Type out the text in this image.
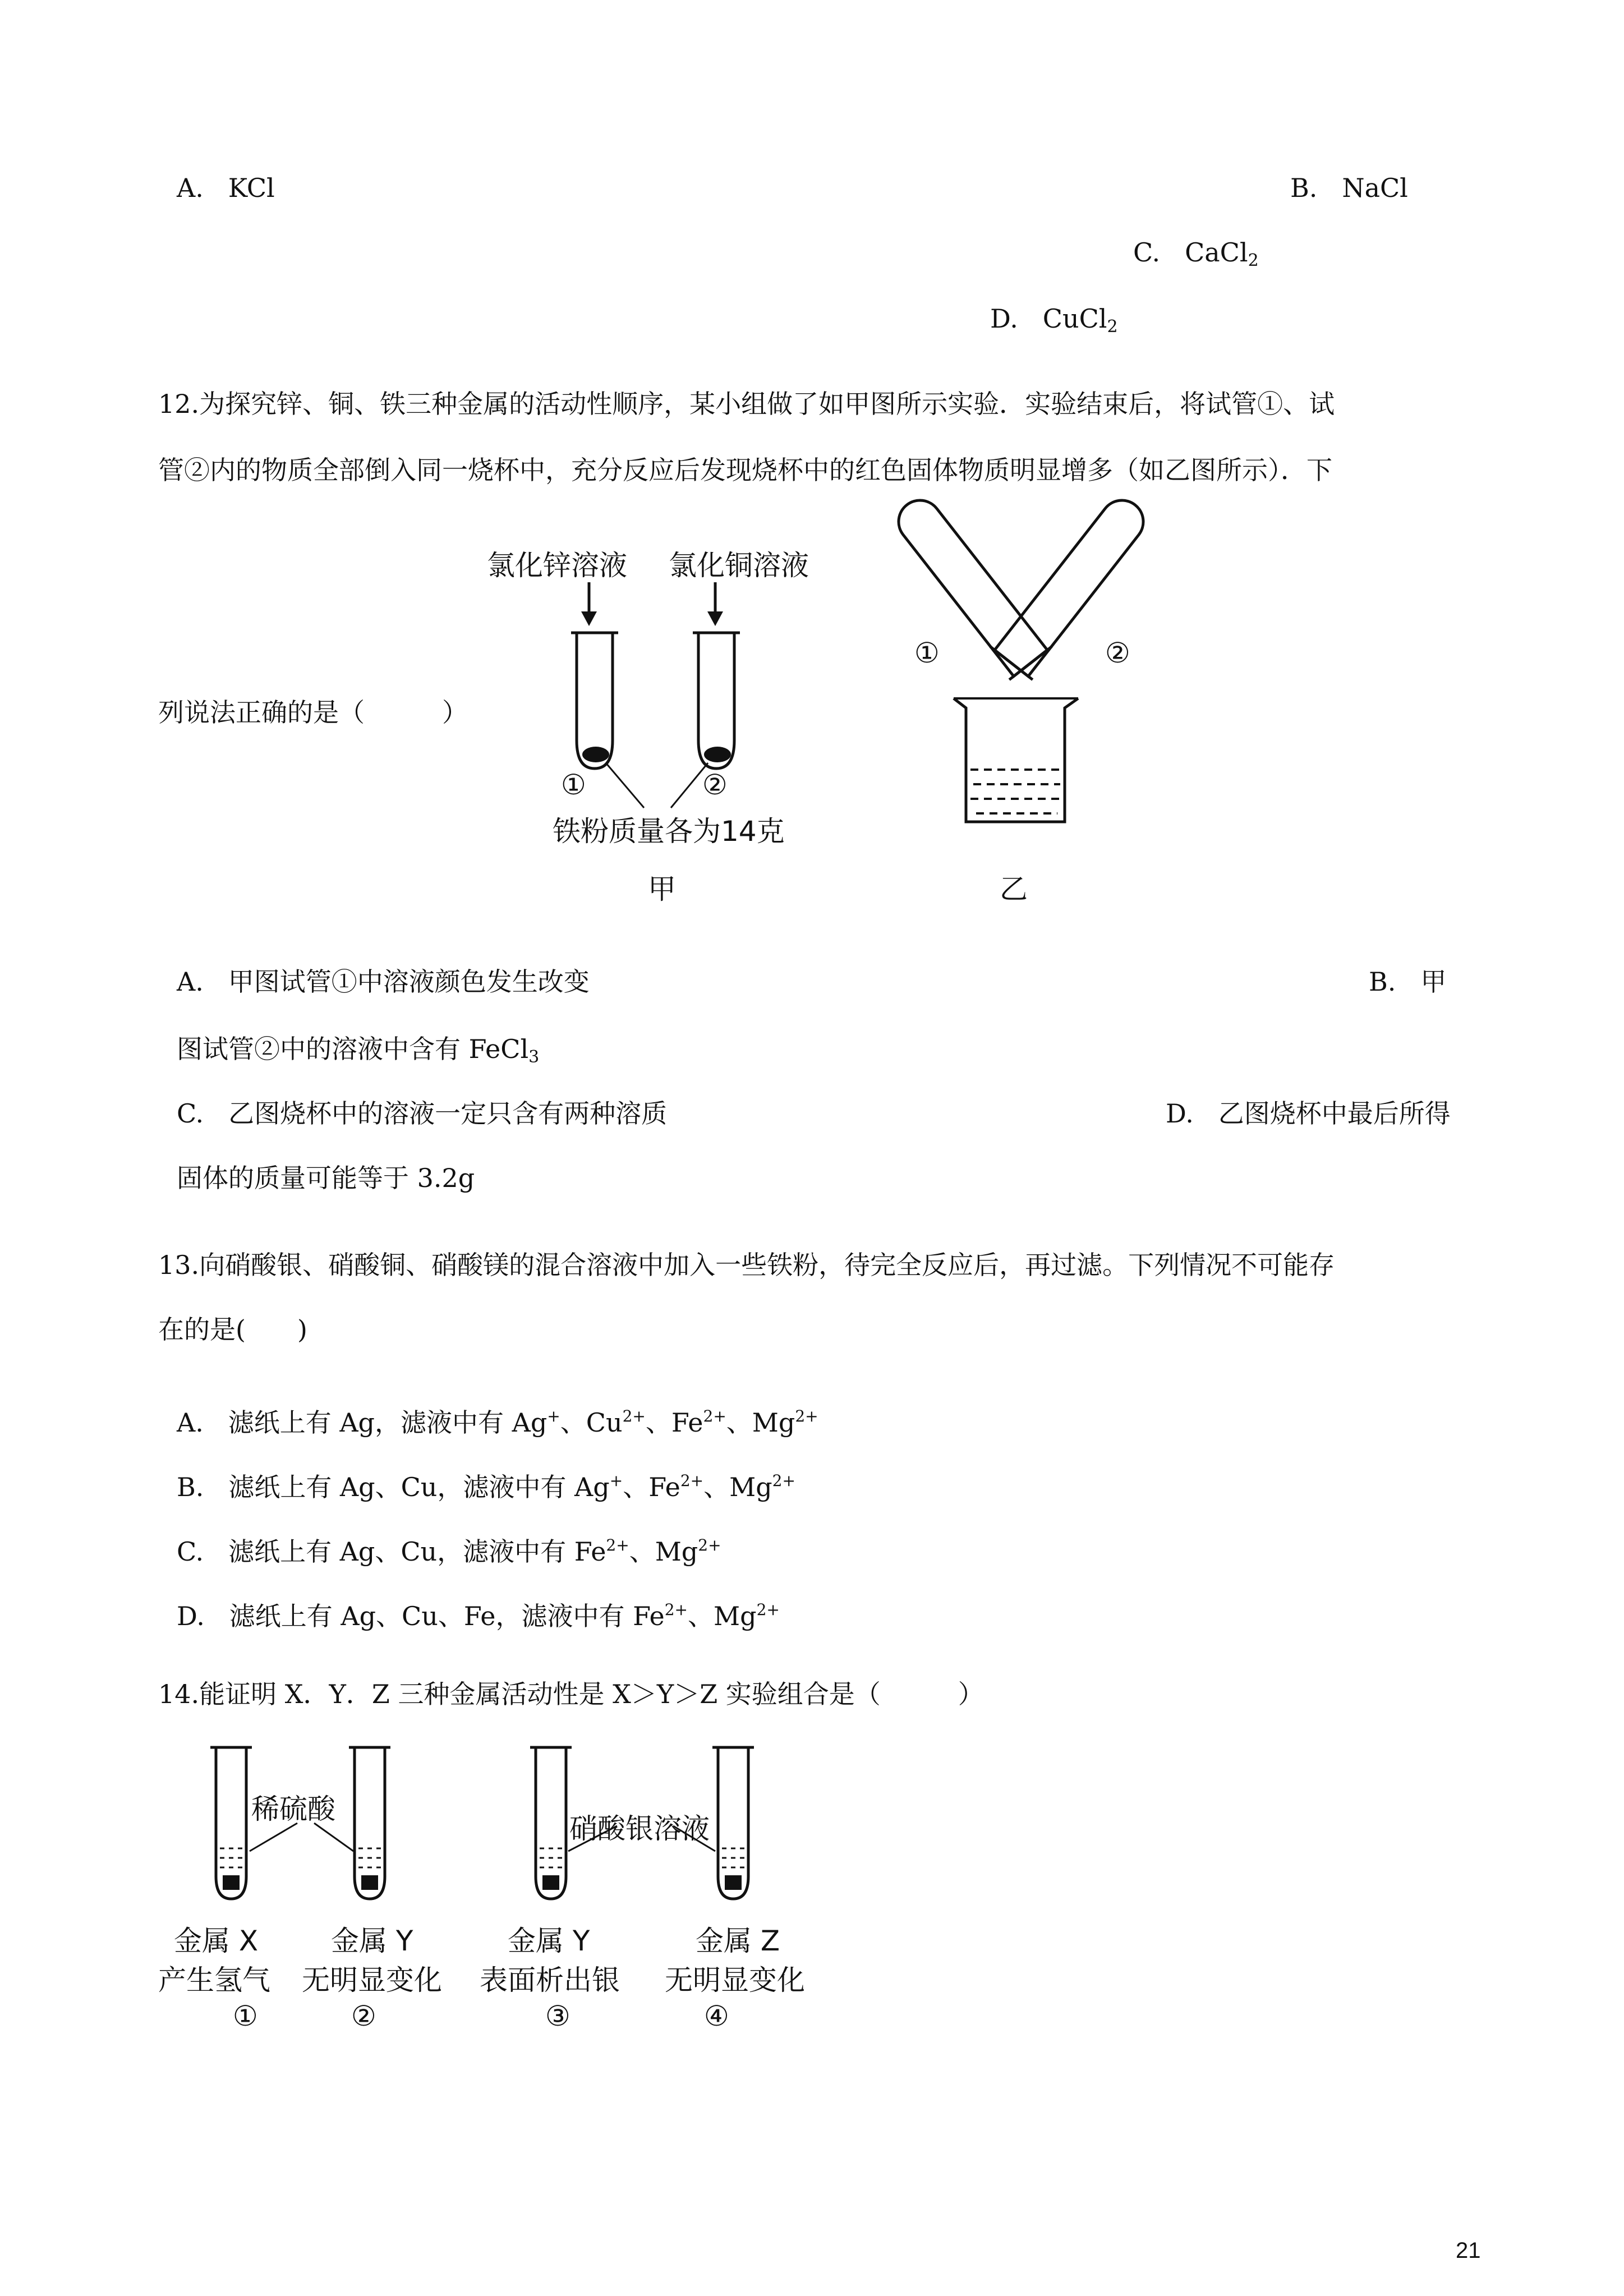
A. KCl	B. NaCl
C. CaCl$_2$
D. CuCl$_2$
12.为探究锌、铜、铁三种金属的活动性顺序，某小组做了如甲图所示实验．实验结束后，将试管①、试
管②内的物质全部倒入同一烧杯中，充分反应后发现烧杯中的红色固体物质明显增多（如乙图所示）．下
列说法正确的是（　　　）
氯化锌溶液 氯化铜溶液
①	②
铁粉质量各为14克
甲
①	②
乙
A. 甲图试管①中溶液颜色发生改变	B. 甲
图试管②中的溶液中含有 FeCl$_3$
C. 乙图烧杯中的溶液一定只含有两种溶质	D. 乙图烧杯中最后所得
固体的质量可能等于 3.2g
13.向硝酸银、硝酸铜、硝酸镁的混合溶液中加入一些铁粉，待完全反应后，再过滤。下列情况不可能存
在的是(　　)
A. 滤纸上有 Ag，滤液中有 Ag+、$Cu^{2+}$、$Fe^{2+}$、$Mg^{2+}$
B. 滤纸上有 Ag、Cu，滤液中有 Ag+、$Fe^{2+}$、$Mg^{2+}$
C. 滤纸上有 Ag、Cu，滤液中有 $Fe^{2+}$、$Mg^{2+}$
D. 滤纸上有 Ag、Cu、Fe，滤液中有 $Fe^{2+}$、$Mg^{2+}$
14.能证明 X．Y．Z 三种金属活动性是 X＞Y＞Z 实验组合是（　　　）
稀硫酸
硝酸银溶液
金属 X
产生氢气
①
金属 Y
无明显变化
②
金属 Y
表面析出银
③
金属 Z
无明显变化
④
21
